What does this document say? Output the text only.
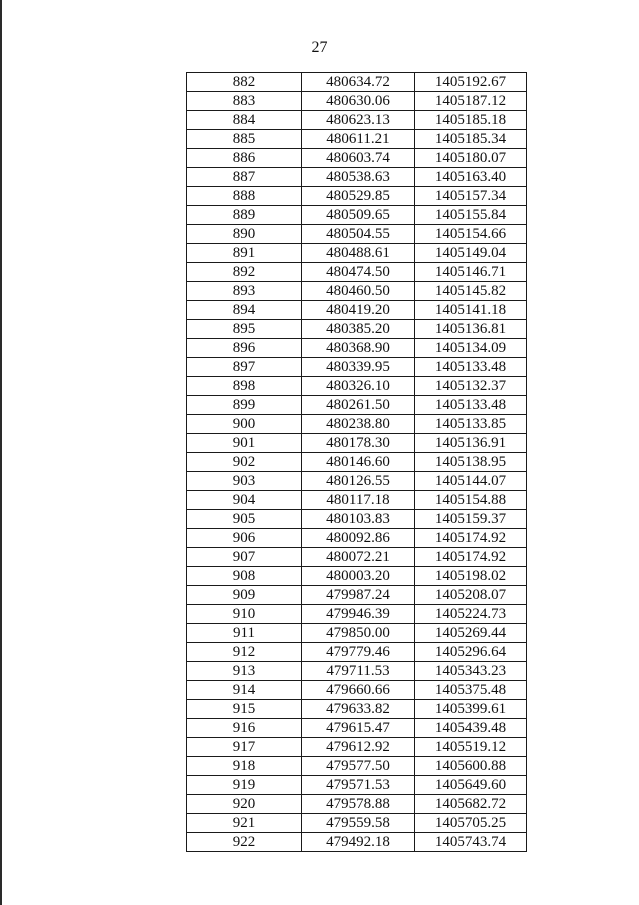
27
882	480634.72	1405192.67
883	480630.06	1405187.12
884	480623.13	1405185.18
885	480611.21	1405185.34
886	480603.74	1405180.07
887	480538.63	1405163.40
888	480529.85	1405157.34
889	480509.65	1405155.84
890	480504.55	1405154.66
891	480488.61	1405149.04
892	480474.50	1405146.71
893	480460.50	1405145.82
894	480419.20	1405141.18
895	480385.20	1405136.81
896	480368.90	1405134.09
897	480339.95	1405133.48
898	480326.10	1405132.37
899	480261.50	1405133.48
900	480238.80	1405133.85
901	480178.30	1405136.91
902	480146.60	1405138.95
903	480126.55	1405144.07
904	480117.18	1405154.88
905	480103.83	1405159.37
906	480092.86	1405174.92
907	480072.21	1405174.92
908	480003.20	1405198.02
909	479987.24	1405208.07
910	479946.39	1405224.73
911	479850.00	1405269.44
912	479779.46	1405296.64
913	479711.53	1405343.23
914	479660.66	1405375.48
915	479633.82	1405399.61
916	479615.47	1405439.48
917	479612.92	1405519.12
918	479577.50	1405600.88
919	479571.53	1405649.60
920	479578.88	1405682.72
921	479559.58	1405705.25
922	479492.18	1405743.74
